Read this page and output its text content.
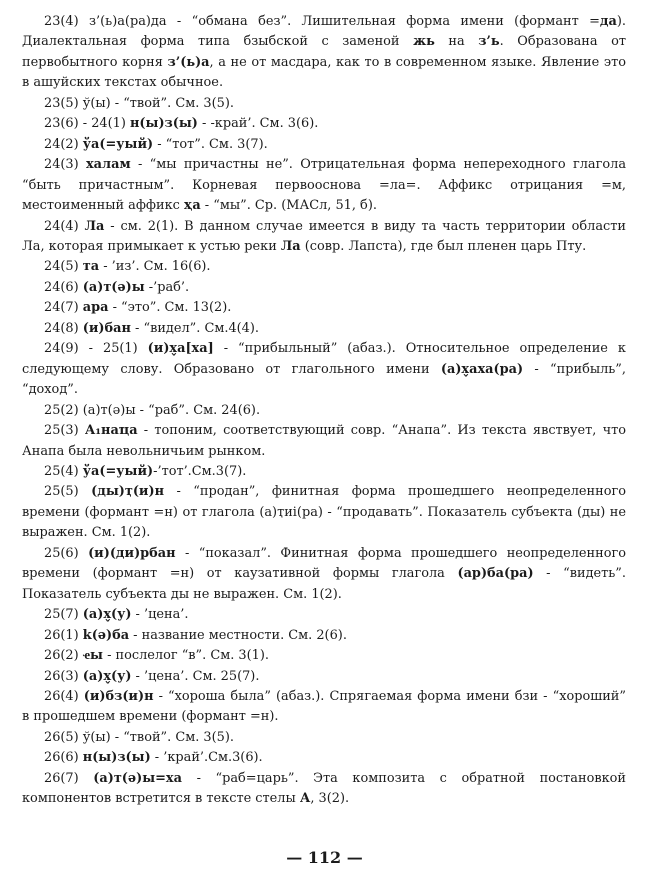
23(4) з’(ь)а(ра)да - “обмана без”. Лишительная форма имени (формант =да). Диалектальная форма типа бзыбской с заменой жь на з’ь. Образована от первобытного корня з’(ь)а, а не от масдара, как то в современном языке. Явление это в ашуйских текстах обычное.

23(5) ў(ы) - “твой”. См. 3(5).

23(6) - 24(1) н(ы)з(ы) - -край’. См. 3(6).

24(2) ўа(=уый) - “тот”. См. 3(7).

24(3) халам - “мы причастны не”. Отрицательная форма непереходного глагола “быть причастным”. Корневая первооснова =ла=. Аффикс отрицания =м, местоименный аффикс ҳа - “мы”. Ср. (МАСл, 51, б).

24(4) Ла - см. 2(1). В данном случае имеется в виду та часть территории области Ла, которая примыкает к устью реки Ла (совр. Лапста), где был пленен царь Пту.

24(5) та - ’из’. См. 16(6).

24(6) (а)т(ә)ы -’раб’.

24(7) ара - “это”. См. 13(2).

24(8) (и)бан - “видел”. См.4(4).

24(9) - 25(1) (и)х̬а[ха] - “прибыльный” (абаз.). Относительное определение к следующему слову. Образовано от глагольного имени (а)х̬аха(ра) - “прибыль”, “доход”.

25(2) (а)т(ә)ы - “раб”. См. 24(6).

25(3) А₁наҵа - топоним, соответствующий совр. “Анапа”. Из текста явствует, что Анапа была невольничьим рынком.

25(4) ўа(=уый)-’тот’.См.3(7).

25(5) (ды)ҭ(и)н - “продан”, финитная форма прошедшего неопределенного времени (формант =н) от глагола (а)ҭиі(ра) - “продавать”. Показатель субъекта (ды) не выражен. См. 1(2).

25(6) (и)(ди)рбан - “показал”. Финитная форма прошедшего неопределенного времени (формант =н) от каузативной формы глагола (ар)ба(ра) - “видеть”. Показатель субъекта ды не выражен. См. 1(2).

25(7) (а)х̬(у) - ’цена’.

26(1) k(ә)ба - название местности. См. 2(6).

26(2) ҽы - послелог “в”. См. 3(1).

26(3) (а)х̬(у) - ’цена’. См. 25(7).

26(4) (и)бз(и)н - “хороша была” (абаз.). Спрягаемая форма имени бзи - “хороший” в прошедшем времени (формант =н).

26(5) ў(ы) - “твой”. См. 3(5).

26(6) н(ы)з(ы) - ’край’.См.3(6).

26(7) (а)т(ә)ы=ха - “раб=царь”. Эта композита с обратной постановкой компонентов встретится в тексте стелы А, 3(2).

— 112 —
